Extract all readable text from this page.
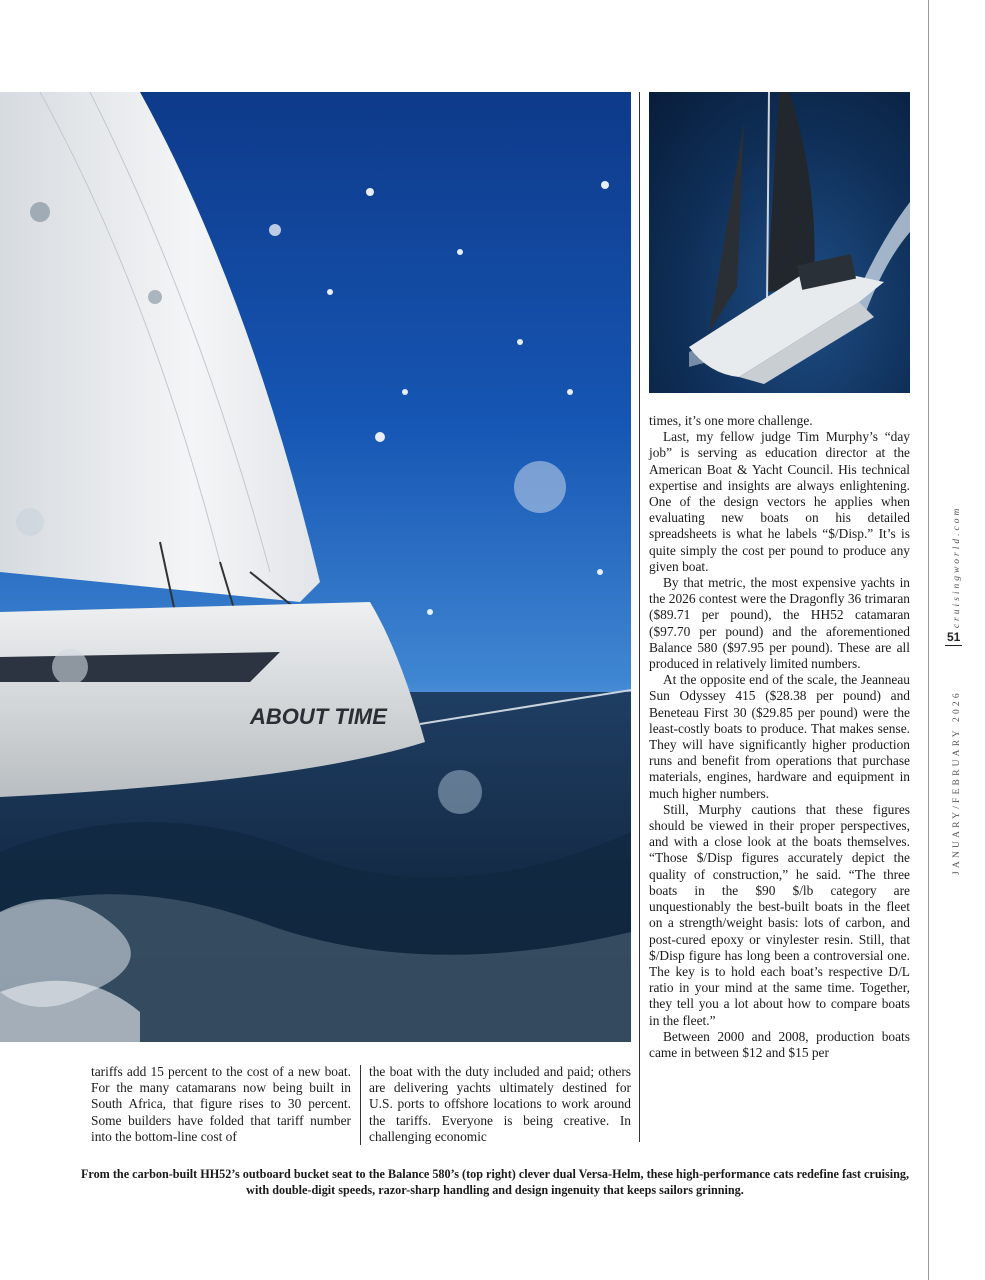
ABOUT TIME

tariffs add 15 percent to the cost of a new boat. For the many catamarans now being built in South Africa, that figure rises to 30 percent. Some builders have folded that tariff number into the bottom-line cost of

the boat with the duty included and paid; others are delivering yachts ultimately destined for U.S. ports to offshore locations to work around the tariffs. Everyone is being creative. In challenging economic

times, it’s one more challenge.

Last, my fellow judge Tim Murphy’s “day job” is serving as education director at the American Boat & Yacht Council. His technical expertise and insights are always enlightening. One of the design vectors he applies when evaluating new boats on his detailed spreadsheets is what he labels “$/Disp.” It’s is quite simply the cost per pound to produce any given boat.

By that metric, the most expensive yachts in the 2026 contest were the Dragonfly 36 trimaran ($89.71 per pound), the HH52 catamaran ($97.70 per pound) and the aforementioned Balance 580 ($97.95 per pound). These are all produced in relatively limited numbers.

At the opposite end of the scale, the Jeanneau Sun Odyssey 415 ($28.38 per pound) and Beneteau First 30 ($29.85 per pound) were the least-costly boats to produce. That makes sense. They will have significantly higher production runs and benefit from operations that purchase materials, engines, hardware and equipment in much higher numbers.

Still, Murphy cautions that these figures should be viewed in their proper perspectives, and with a close look at the boats themselves. “Those $/Disp figures accurately depict the quality of construction,” he said. “The three boats in the $90 $/lb category are unquestionably the best-built boats in the fleet on a strength/weight basis: lots of carbon, and post-cured epoxy or vinylester resin. Still, that $/Disp figure has long been a controversial one. The key is to hold each boat’s respective D/L ratio in your mind at the same time. Together, they tell you a lot about how to compare boats in the fleet.”

Between 2000 and 2008, production boats came in between $12 and $15 per

From the carbon-built HH52’s outboard bucket seat to the Balance 580’s (top right) clever dual Versa-Helm, these high-performance cats redefine fast cruising, with double-digit speeds, razor-sharp handling and design ingenuity that keeps sailors grinning.
JANUARY/FEBRUARY 2026
cruisingworld.com
51
